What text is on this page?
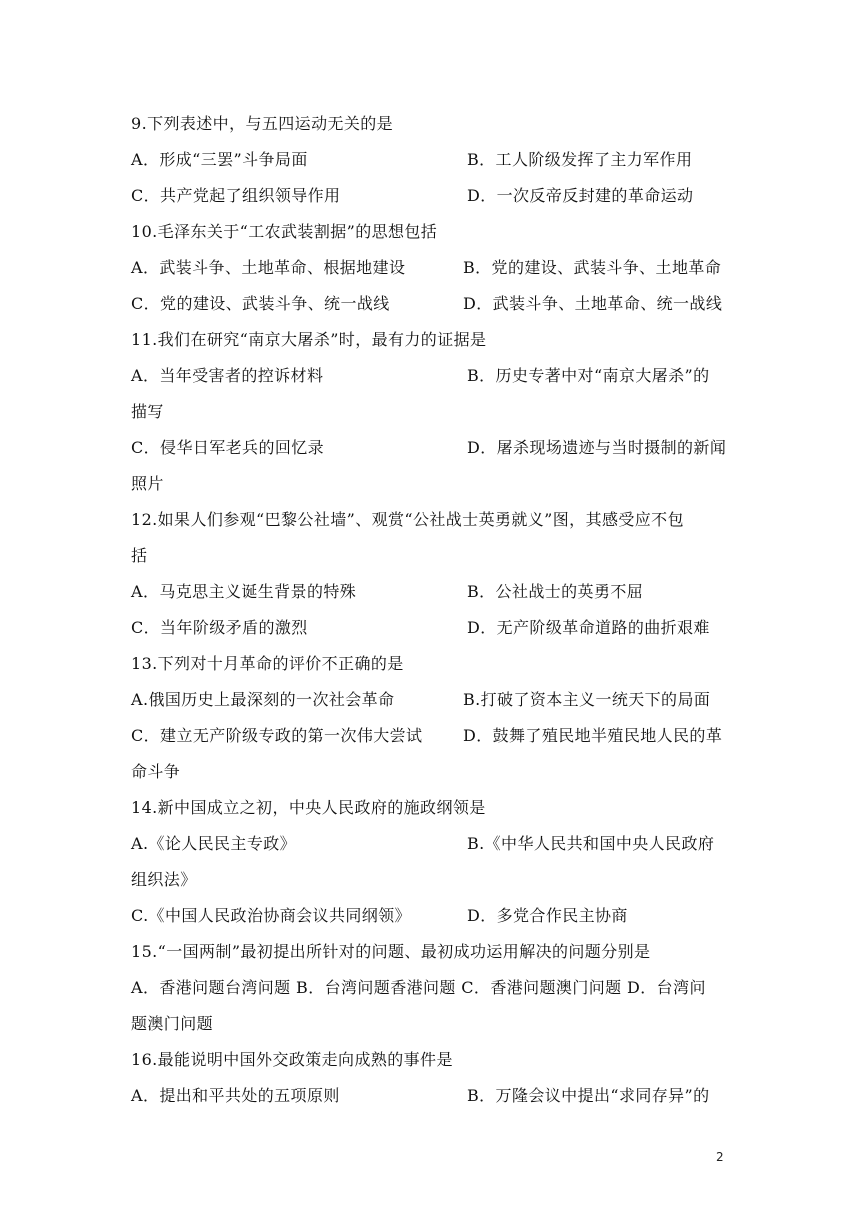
9.下列表述中，与五四运动无关的是
A．形成“三罢”斗争局面	B．工人阶级发挥了主力军作用
C．共产党起了组织领导作用	D．一次反帝反封建的革命运动
10.毛泽东关于“工农武装割据”的思想包括
A．武装斗争、土地革命、根据地建设	B．党的建设、武装斗争、土地革命
C．党的建设、武装斗争、统一战线	D．武装斗争、土地革命、统一战线
11.我们在研究“南京大屠杀”时，最有力的证据是
A．当年受害者的控诉材料	B．历史专著中对“南京大屠杀”的
描写
C．侵华日军老兵的回忆录	D．屠杀现场遗迹与当时摄制的新闻
照片
12.如果人们参观“巴黎公社墙”、观赏“公社战士英勇就义”图，其感受应不包
括
A．马克思主义诞生背景的特殊	B．公社战士的英勇不屈
C．当年阶级矛盾的激烈	D．无产阶级革命道路的曲折艰难
13.下列对十月革命的评价不正确的是
A.俄国历史上最深刻的一次社会革命	B.打破了资本主义一统天下的局面
C．建立无产阶级专政的第一次伟大尝试	D．鼓舞了殖民地半殖民地人民的革
命斗争
14.新中国成立之初，中央人民政府的施政纲领是
A.《论人民民主专政》	B.《中华人民共和国中央人民政府
组织法》
C.《中国人民政治协商会议共同纲领》	D．多党合作民主协商
15.“一国两制”最初提出所针对的问题、最初成功运用解决的问题分别是
A．香港问题台湾问题 B．台湾问题香港问题 C．香港问题澳门问题 D．台湾问
题澳门问题
16.最能说明中国外交政策走向成熟的事件是
A．提出和平共处的五项原则	B．万隆会议中提出“求同存异”的
2
